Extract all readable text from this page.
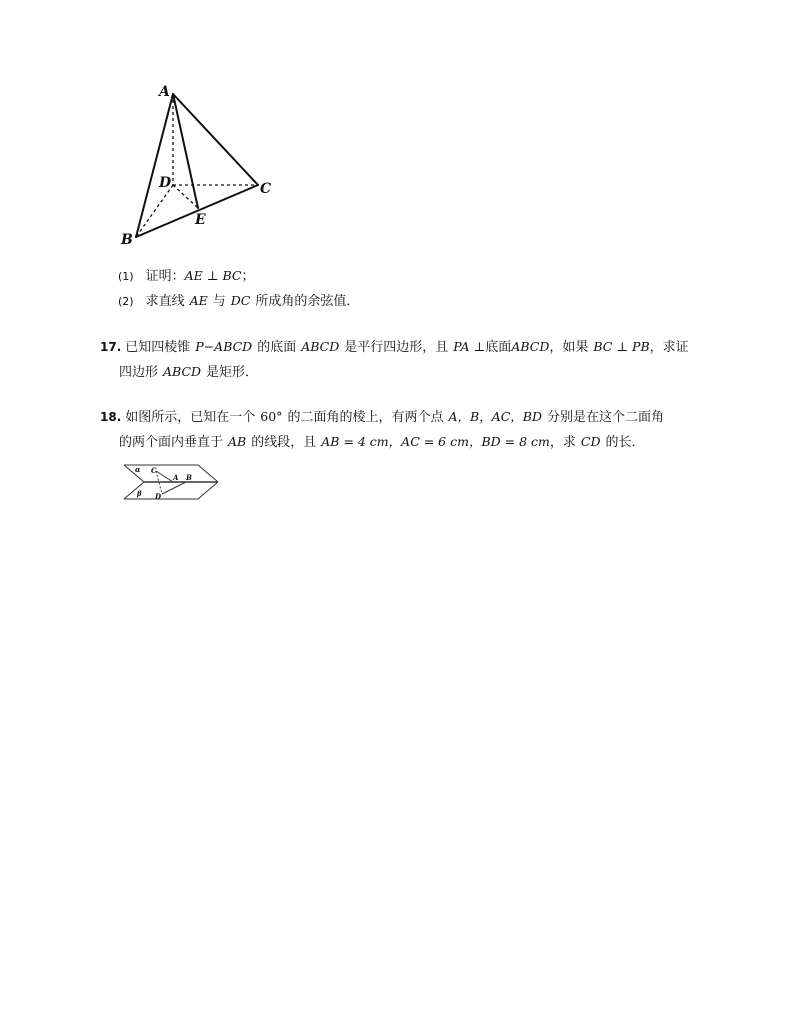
A
B
C
D
E
(1) 证明：AE ⊥ BC；
(2) 求直线 AE 与 DC 所成角的余弦值．
17. 已知四棱锥 P−ABCD 的底面 ABCD 是平行四边形，且 PA ⊥底面ABCD，如果 BC ⊥ PB，求证
四边形 ABCD 是矩形．
18. 如图所示，已知在一个 60° 的二面角的棱上，有两个点 A，B，AC，BD 分别是在这个二面角
的两个面内垂直于 AB 的线段，且 AB = 4 cm，AC = 6 cm，BD = 8 cm，求 CD 的长．
α
β
C
A B
D
